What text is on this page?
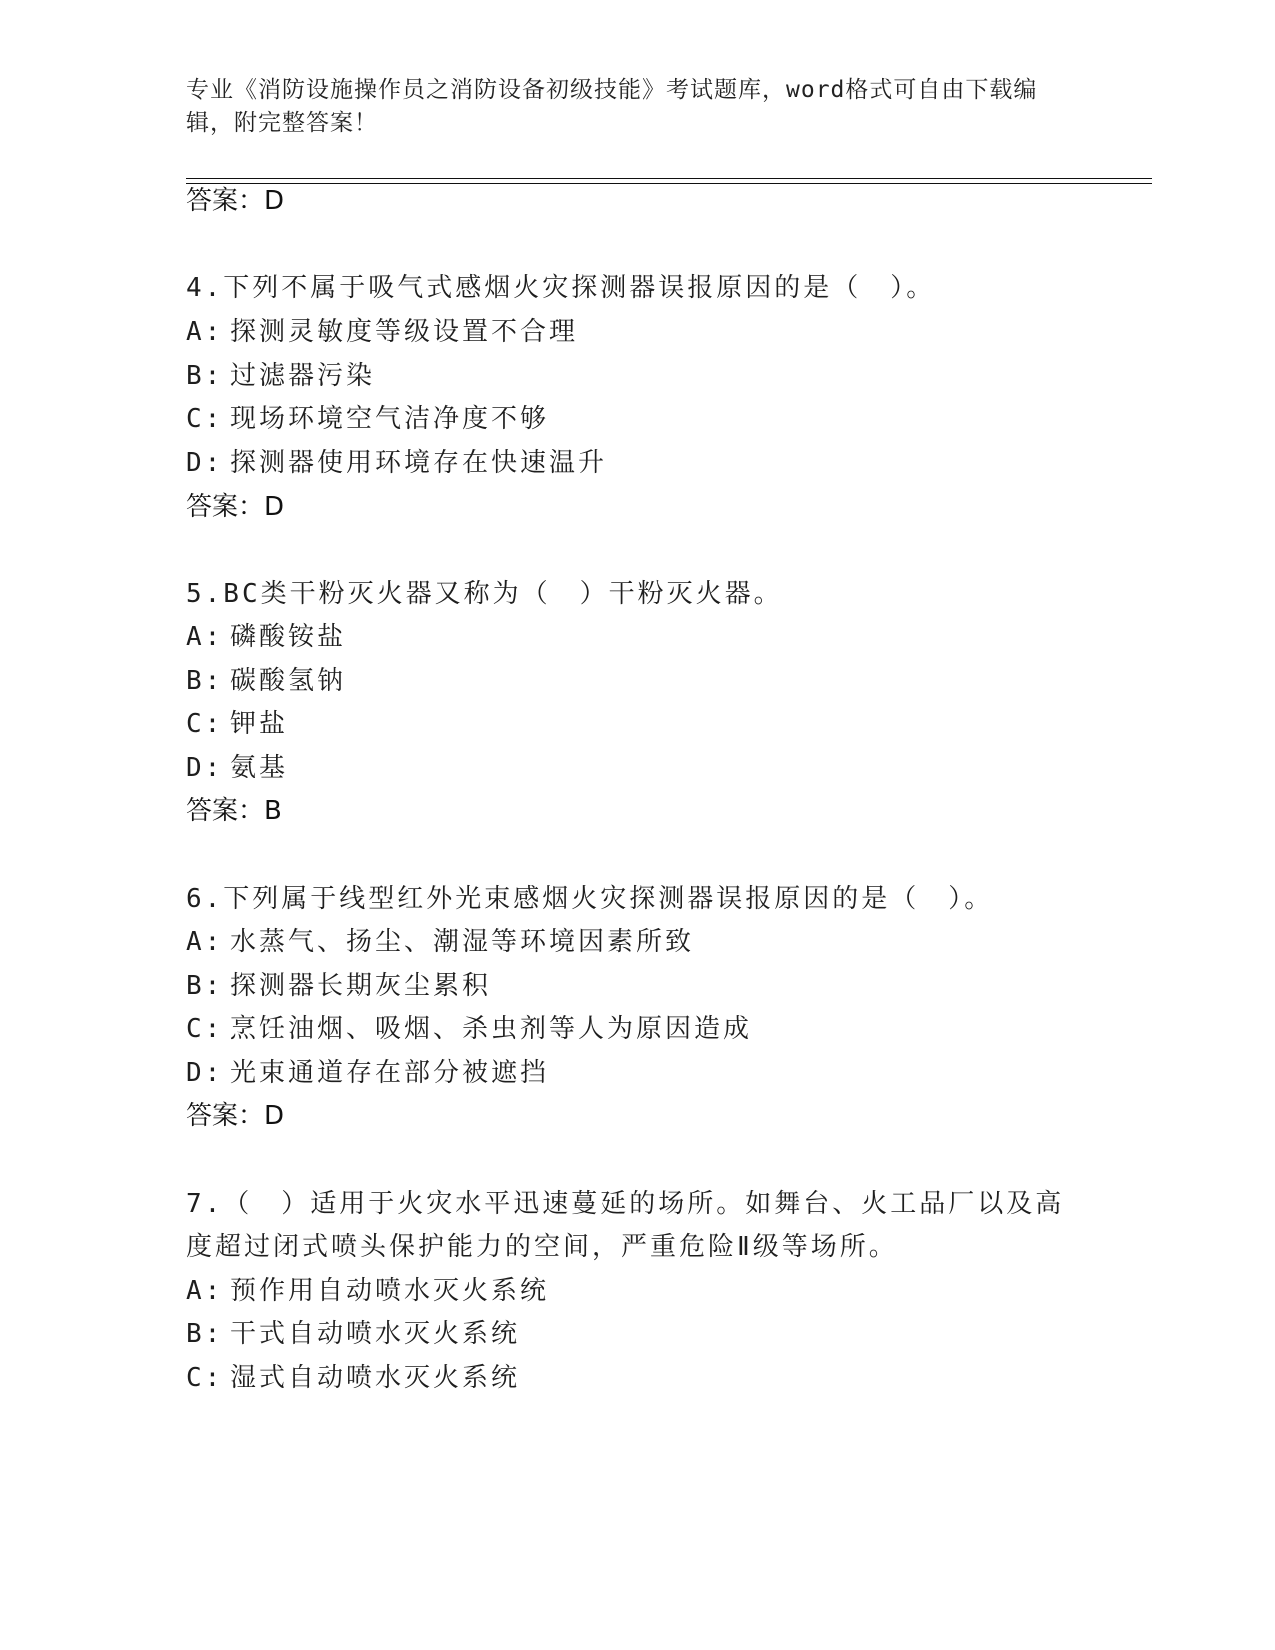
专业《消防设施操作员之消防设备初级技能》考试题库，word格式可自由下载编辑，附完整答案！
答案：D
4.下列不属于吸气式感烟火灾探测器误报原因的是（　）。
A: 探测灵敏度等级设置不合理
B: 过滤器污染
C: 现场环境空气洁净度不够
D: 探测器使用环境存在快速温升
答案：D
5.BC类干粉灭火器又称为（　）干粉灭火器。
A: 磷酸铵盐
B: 碳酸氢钠
C: 钾盐
D: 氨基
答案：B
6.下列属于线型红外光束感烟火灾探测器误报原因的是（　）。
A: 水蒸气、扬尘、潮湿等环境因素所致
B: 探测器长期灰尘累积
C: 烹饪油烟、吸烟、杀虫剂等人为原因造成
D: 光束通道存在部分被遮挡
答案：D
7.（　）适用于火灾水平迅速蔓延的场所。如舞台、火工品厂以及高
度超过闭式喷头保护能力的空间，严重危险Ⅱ级等场所。
A: 预作用自动喷水灭火系统
B: 干式自动喷水灭火系统
C: 湿式自动喷水灭火系统
